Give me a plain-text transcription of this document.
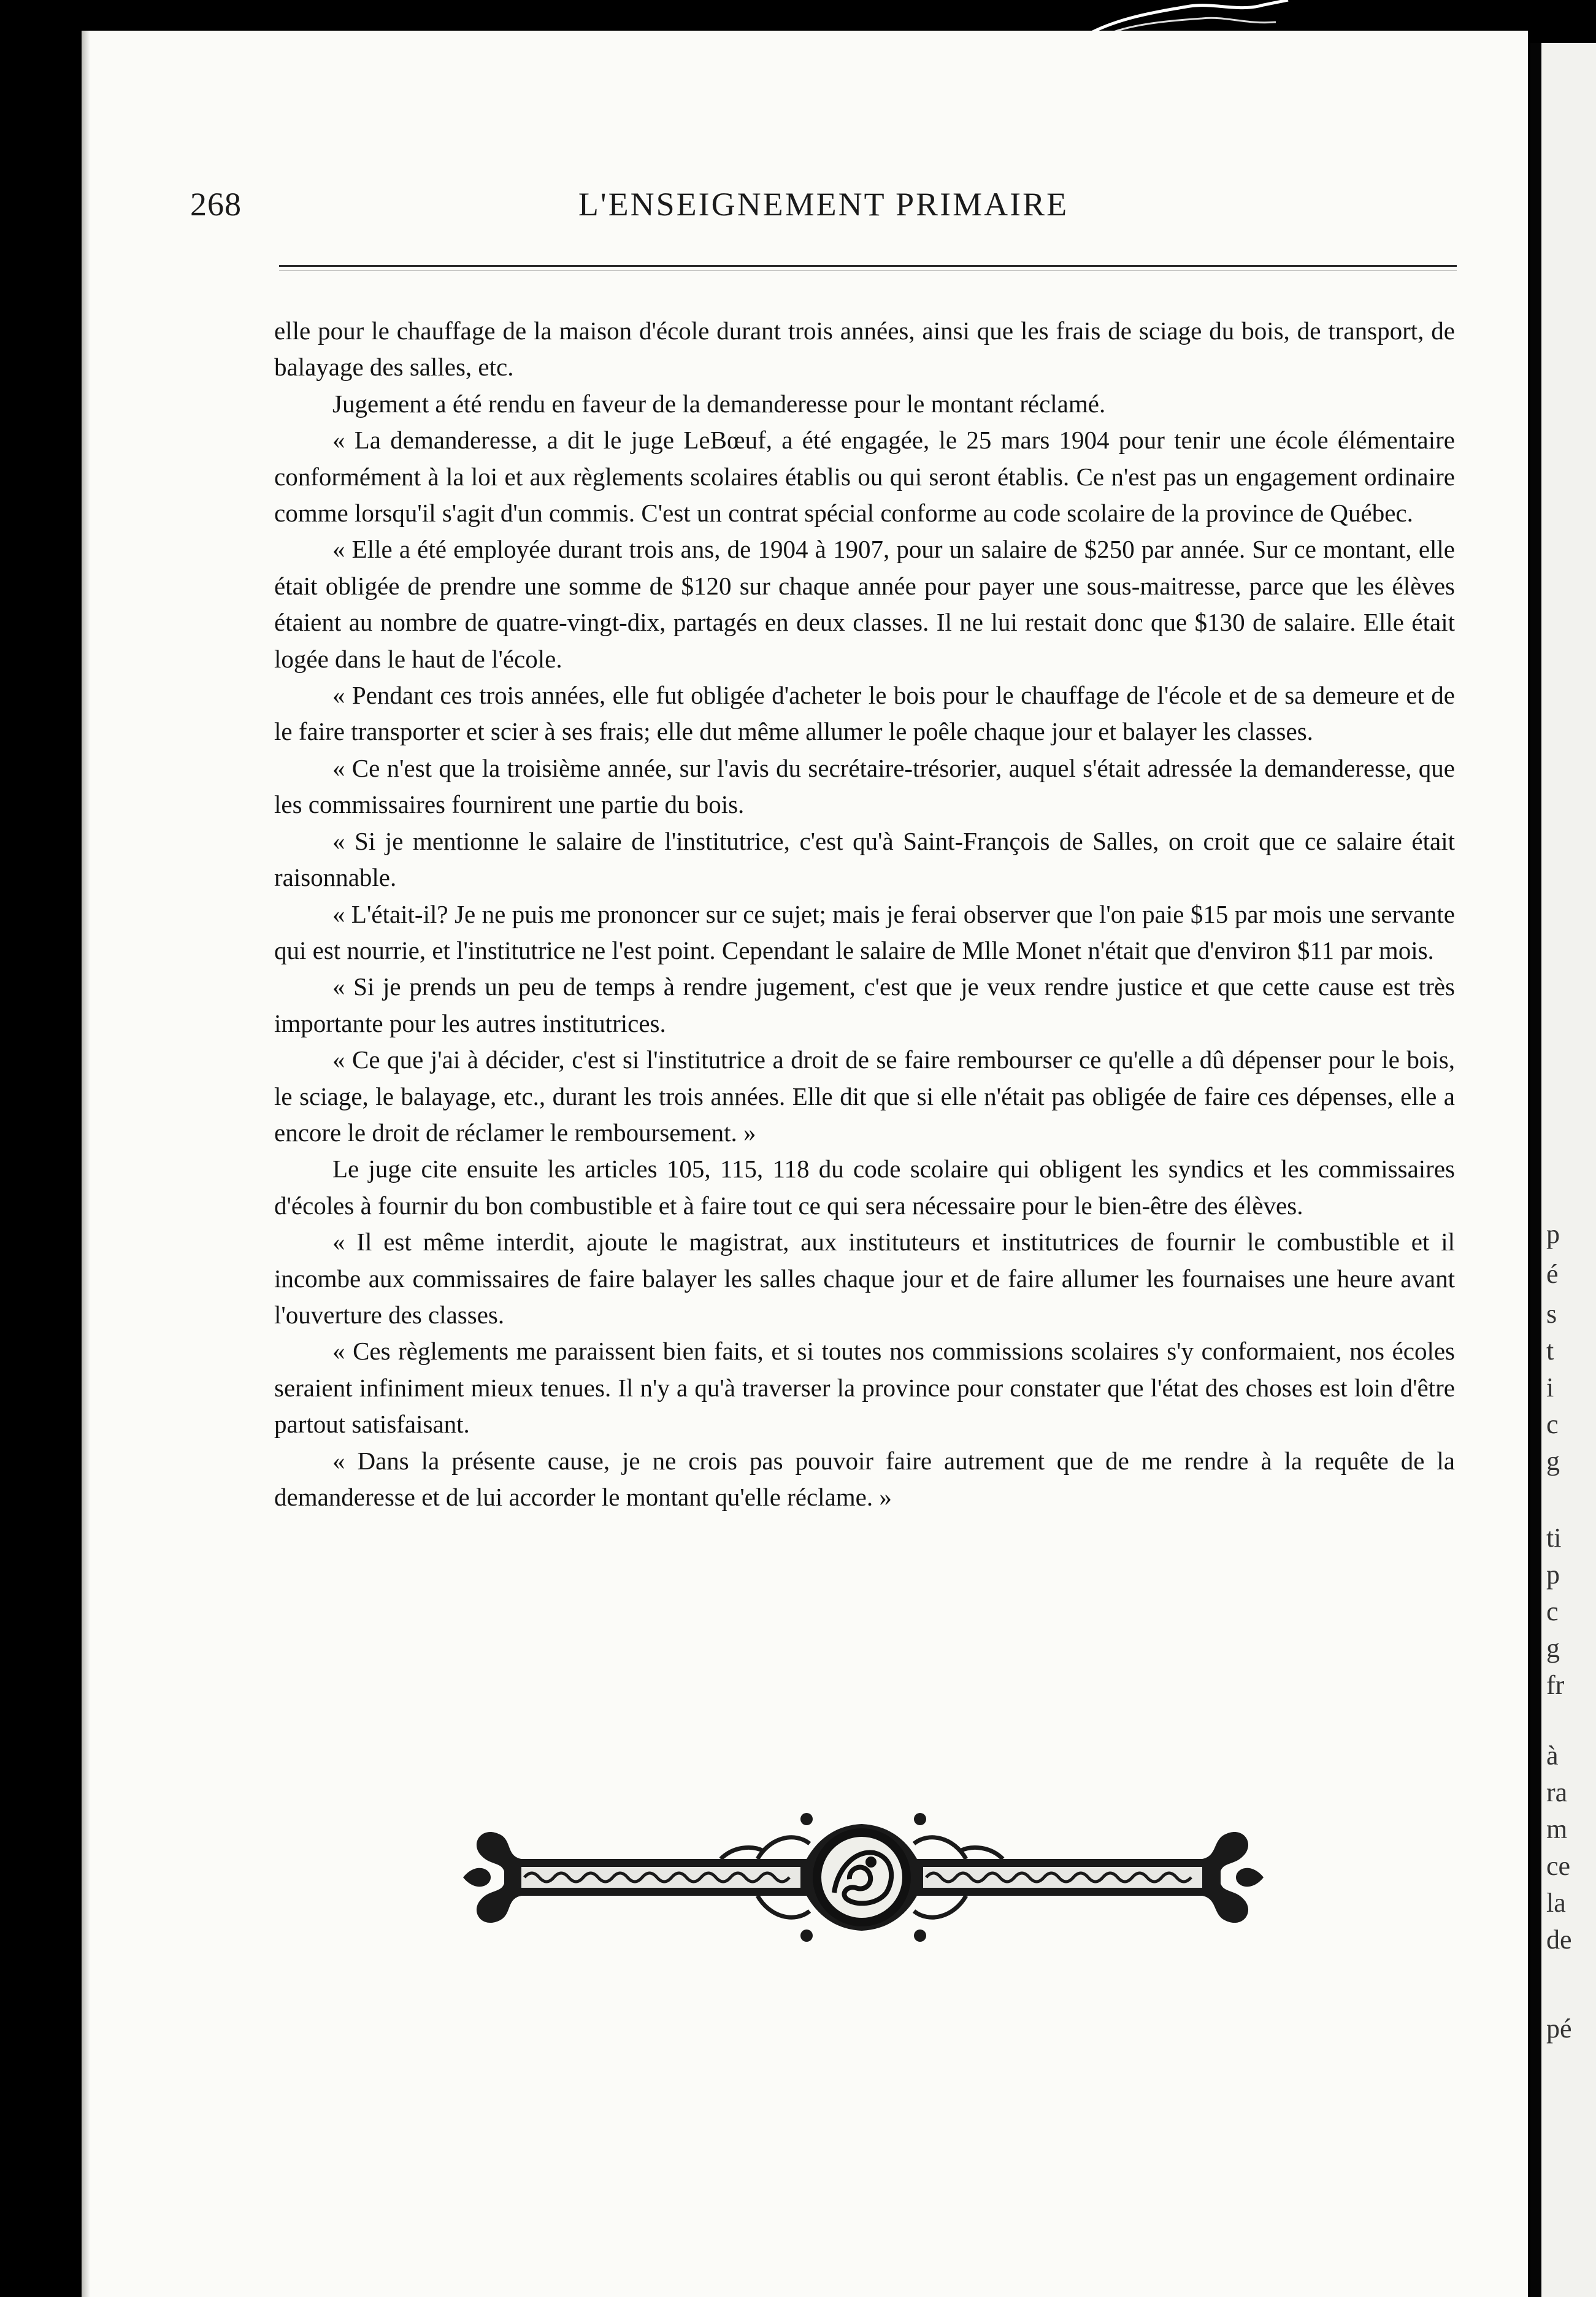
p
é
s
t
i
c
g
ti
p
c
g
fr
à
ra
m
ce
la
de
pé
268	L'ENSEIGNEMENT PRIMAIRE

elle pour le chauffage de la maison d'école durant trois années, ainsi que les frais de sciage du bois, de transport, de balayage des salles, etc.

Jugement a été rendu en faveur de la demanderesse pour le montant réclamé.

« La demanderesse, a dit le juge LeBœuf, a été engagée, le 25 mars 1904 pour tenir une école élémentaire conformément à la loi et aux règlements scolaires établis ou qui seront établis. Ce n'est pas un engagement ordinaire comme lorsqu'il s'agit d'un commis. C'est un contrat spécial conforme au code scolaire de la province de Québec.

« Elle a été employée durant trois ans, de 1904 à 1907, pour un salaire de $250 par année. Sur ce montant, elle était obligée de prendre une somme de $120 sur chaque année pour payer une sous-maitresse, parce que les élèves étaient au nombre de quatre-vingt-dix, partagés en deux classes. Il ne lui restait donc que $130 de salaire. Elle était logée dans le haut de l'école.

« Pendant ces trois années, elle fut obligée d'acheter le bois pour le chauffage de l'école et de sa demeure et de le faire transporter et scier à ses frais; elle dut même allumer le poêle chaque jour et balayer les classes.

« Ce n'est que la troisième année, sur l'avis du secrétaire-trésorier, auquel s'était adressée la demanderesse, que les commissaires fournirent une partie du bois.

« Si je mentionne le salaire de l'institutrice, c'est qu'à Saint-François de Salles, on croit que ce salaire était raisonnable.

« L'était-il? Je ne puis me prononcer sur ce sujet; mais je ferai observer que l'on paie $15 par mois une servante qui est nourrie, et l'institutrice ne l'est point. Cependant le salaire de Mlle Monet n'était que d'environ $11 par mois.

« Si je prends un peu de temps à rendre jugement, c'est que je veux rendre justice et que cette cause est très importante pour les autres institutrices.

« Ce que j'ai à décider, c'est si l'institutrice a droit de se faire rembourser ce qu'elle a dû dépenser pour le bois, le sciage, le balayage, etc., durant les trois années. Elle dit que si elle n'était pas obligée de faire ces dépenses, elle a encore le droit de réclamer le remboursement. »

Le juge cite ensuite les articles 105, 115, 118 du code scolaire qui obligent les syndics et les commissaires d'écoles à fournir du bon combustible et à faire tout ce qui sera nécessaire pour le bien-être des élèves.

« Il est même interdit, ajoute le magistrat, aux instituteurs et institutrices de fournir le combustible et il incombe aux commissaires de faire balayer les salles chaque jour et de faire allumer les fournaises une heure avant l'ouverture des classes.

« Ces règlements me paraissent bien faits, et si toutes nos commissions scolaires s'y conformaient, nos écoles seraient infiniment mieux tenues. Il n'y a qu'à traverser la province pour constater que l'état des choses est loin d'être partout satisfaisant.

« Dans la présente cause, je ne crois pas pouvoir faire autrement que de me rendre à la requête de la demanderesse et de lui accorder le montant qu'elle réclame. »
